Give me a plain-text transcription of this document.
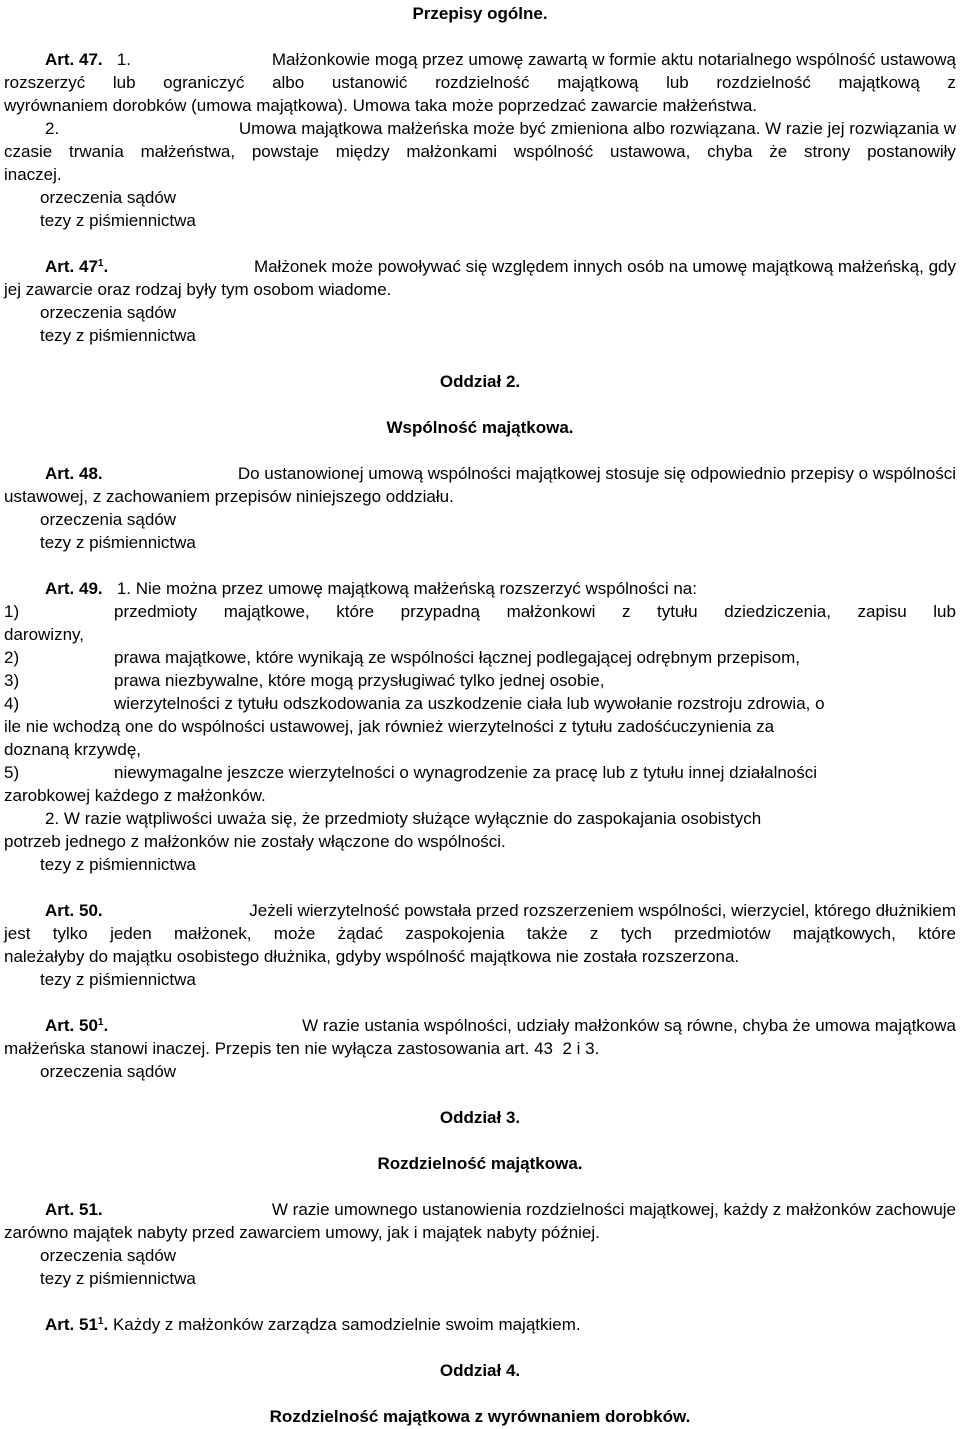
Przepisy ogólne.
Art. 47. 1.	Małżonkowie mogą przez umowę zawartą w formie aktu notarialnego wspólność ustawową
rozszerzyć lub ograniczyć albo ustanowić rozdzielność majątkową lub rozdzielność majątkową z
wyrównaniem dorobków (umowa majątkowa). Umowa taka może poprzedzać zawarcie małżeństwa.
2.	Umowa majątkowa małżeńska może być zmieniona albo rozwiązana. W razie jej rozwiązania w
czasie trwania małżeństwa, powstaje między małżonkami wspólność ustawowa, chyba że strony postanowiły
inaczej.
orzeczenia sądów
tezy z piśmiennictwa
Art. $47^1$.	Małżonek może powoływać się względem innych osób na umowę majątkową małżeńską, gdy
jej zawarcie oraz rodzaj były tym osobom wiadome.
orzeczenia sądów
tezy z piśmiennictwa
Oddział 2.
Wspólność majątkowa.
Art. 48.	Do ustanowionej umową wspólności majątkowej stosuje się odpowiednio przepisy o wspólności
ustawowej, z zachowaniem przepisów niniejszego oddziału.
orzeczenia sądów
tezy z piśmiennictwa
Art. 49. 1. Nie można przez umowę majątkową małżeńską rozszerzyć wspólności na:
1)	przedmioty majątkowe, które przypadną małżonkowi z tytułu dziedziczenia, zapisu lub
darowizny,
2)	prawa majątkowe, które wynikają ze wspólności łącznej podlegającej odrębnym przepisom,
3)	prawa niezbywalne, które mogą przysługiwać tylko jednej osobie,
4)	wierzytelności z tytułu odszkodowania za uszkodzenie ciała lub wywołanie rozstroju zdrowia, o
ile nie wchodzą one do wspólności ustawowej, jak również wierzytelności z tytułu zadośćuczynienia za
doznaną krzywdę,
5)	niewymagalne jeszcze wierzytelności o wynagrodzenie za pracę lub z tytułu innej działalności
zarobkowej każdego z małżonków.
2. W razie wątpliwości uważa się, że przedmioty służące wyłącznie do zaspokajania osobistych
potrzeb jednego z małżonków nie zostały włączone do wspólności.
tezy z piśmiennictwa
Art. 50.	Jeżeli wierzytelność powstała przed rozszerzeniem wspólności, wierzyciel, którego dłużnikiem
jest tylko jeden małżonek, może żądać zaspokojenia także z tych przedmiotów majątkowych, które
należałyby do majątku osobistego dłużnika, gdyby wspólność majątkowa nie została rozszerzona.
tezy z piśmiennictwa
Art. $50^1$.	W razie ustania wspólności, udziały małżonków są równe, chyba że umowa majątkowa
małżeńska stanowi inaczej. Przepis ten nie wyłącza zastosowania art. 43 2 i 3.
orzeczenia sądów
Oddział 3.
Rozdzielność majątkowa.
Art. 51.	W razie umownego ustanowienia rozdzielności majątkowej, każdy z małżonków zachowuje
zarówno majątek nabyty przed zawarciem umowy, jak i majątek nabyty później.
orzeczenia sądów
tezy z piśmiennictwa
Art. $51^1$. Każdy z małżonków zarządza samodzielnie swoim majątkiem.
Oddział 4.
Rozdzielność majątkowa z wyrównaniem dorobków.
